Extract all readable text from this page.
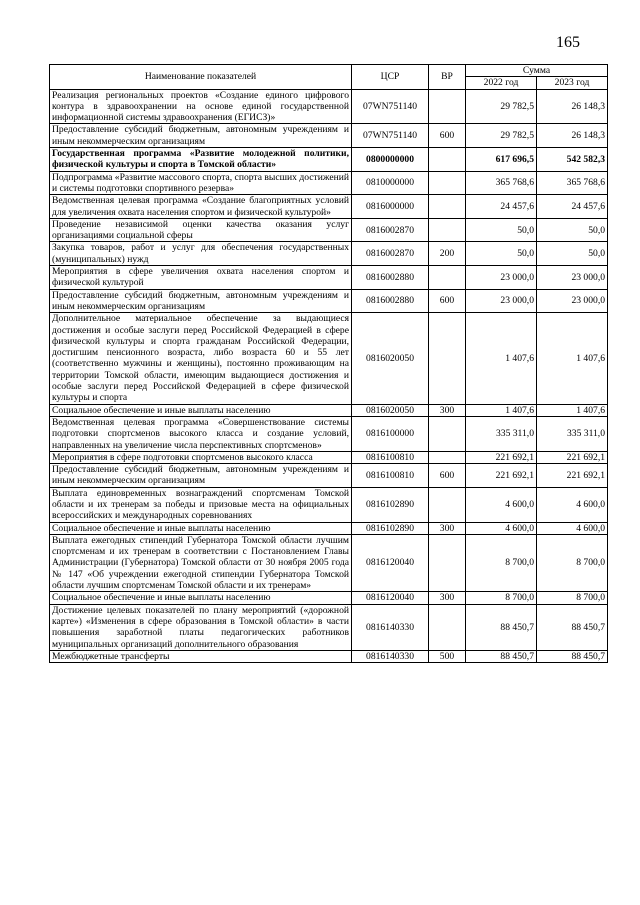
165
Наименование показателей	ЦСР	ВР	Сумма	
			2022 год	2023 год
Реализация региональных проектов «Создание единого цифрового контура в здравоохранении на основе единой государственной информационной системы здравоохранения (ЕГИСЗ)»	07WN751140		29 782,5	26 148,3
Предоставление субсидий бюджетным, автономным учреждениям и иным некоммерческим организациям	07WN751140	600	29 782,5	26 148,3
Государственная программа «Развитие молодежной политики, физической культуры и спорта в Томской области»	0800000000		617 696,5	542 582,3
Подпрограмма «Развитие массового спорта, спорта высших достижений и системы подготовки спортивного резерва»	0810000000		365 768,6	365 768,6
Ведомственная целевая программа «Создание благоприятных условий для увеличения охвата населения спортом и физической культурой»	0816000000		24 457,6	24 457,6
Проведение независимой оценки качества оказания услуг организациями социальной сферы	0816002870		50,0	50,0
Закупка товаров, работ и услуг для обеспечения государственных (муниципальных) нужд	0816002870	200	50,0	50,0
Мероприятия в сфере увеличения охвата населения спортом и физической культурой	0816002880		23 000,0	23 000,0
Предоставление субсидий бюджетным, автономным учреждениям и иным некоммерческим организациям	0816002880	600	23 000,0	23 000,0
Дополнительное материальное обеспечение за выдающиеся достижения и особые заслуги перед Российской Федерацией в сфере физической культуры и спорта гражданам Российской Федерации, достигшим пенсионного возраста, либо возраста 60 и 55 лет (соответственно мужчины и женщины), постоянно проживающим на территории Томской области, имеющим выдающиеся достижения и особые заслуги перед Российской Федерацией в сфере физической культуры и спорта	0816020050		1 407,6	1 407,6
Социальное обеспечение и иные выплаты населению	0816020050	300	1 407,6	1 407,6
Ведомственная целевая программа «Совершенствование системы подготовки спортсменов высокого класса и создание условий, направленных на увеличение числа перспективных спортсменов»	0816100000		335 311,0	335 311,0
Мероприятия в сфере подготовки спортсменов высокого класса	0816100810		221 692,1	221 692,1
Предоставление субсидий бюджетным, автономным учреждениям и иным некоммерческим организациям	0816100810	600	221 692,1	221 692,1
Выплата единовременных вознаграждений спортсменам Томской области и их тренерам за победы и призовые места на официальных всероссийских и международных соревнованиях	0816102890		4 600,0	4 600,0
Социальное обеспечение и иные выплаты населению	0816102890	300	4 600,0	4 600,0
Выплата ежегодных стипендий Губернатора Томской области лучшим спортсменам и их тренерам в соответствии с Постановлением Главы Администрации (Губернатора) Томской области от 30 ноября 2005 года № 147 «Об учреждении ежегодной стипендии Губернатора Томской области лучшим спортсменам Томской области и их тренерам»	0816120040		8 700,0	8 700,0
Социальное обеспечение и иные выплаты населению	0816120040	300	8 700,0	8 700,0
Достижение целевых показателей по плану мероприятий («дорожной карте») «Изменения в сфере образования в Томской области» в части повышения заработной платы педагогических работников муниципальных организаций дополнительного образования	0816140330		88 450,7	88 450,7
Межбюджетные трансферты	0816140330	500	88 450,7	88 450,7
